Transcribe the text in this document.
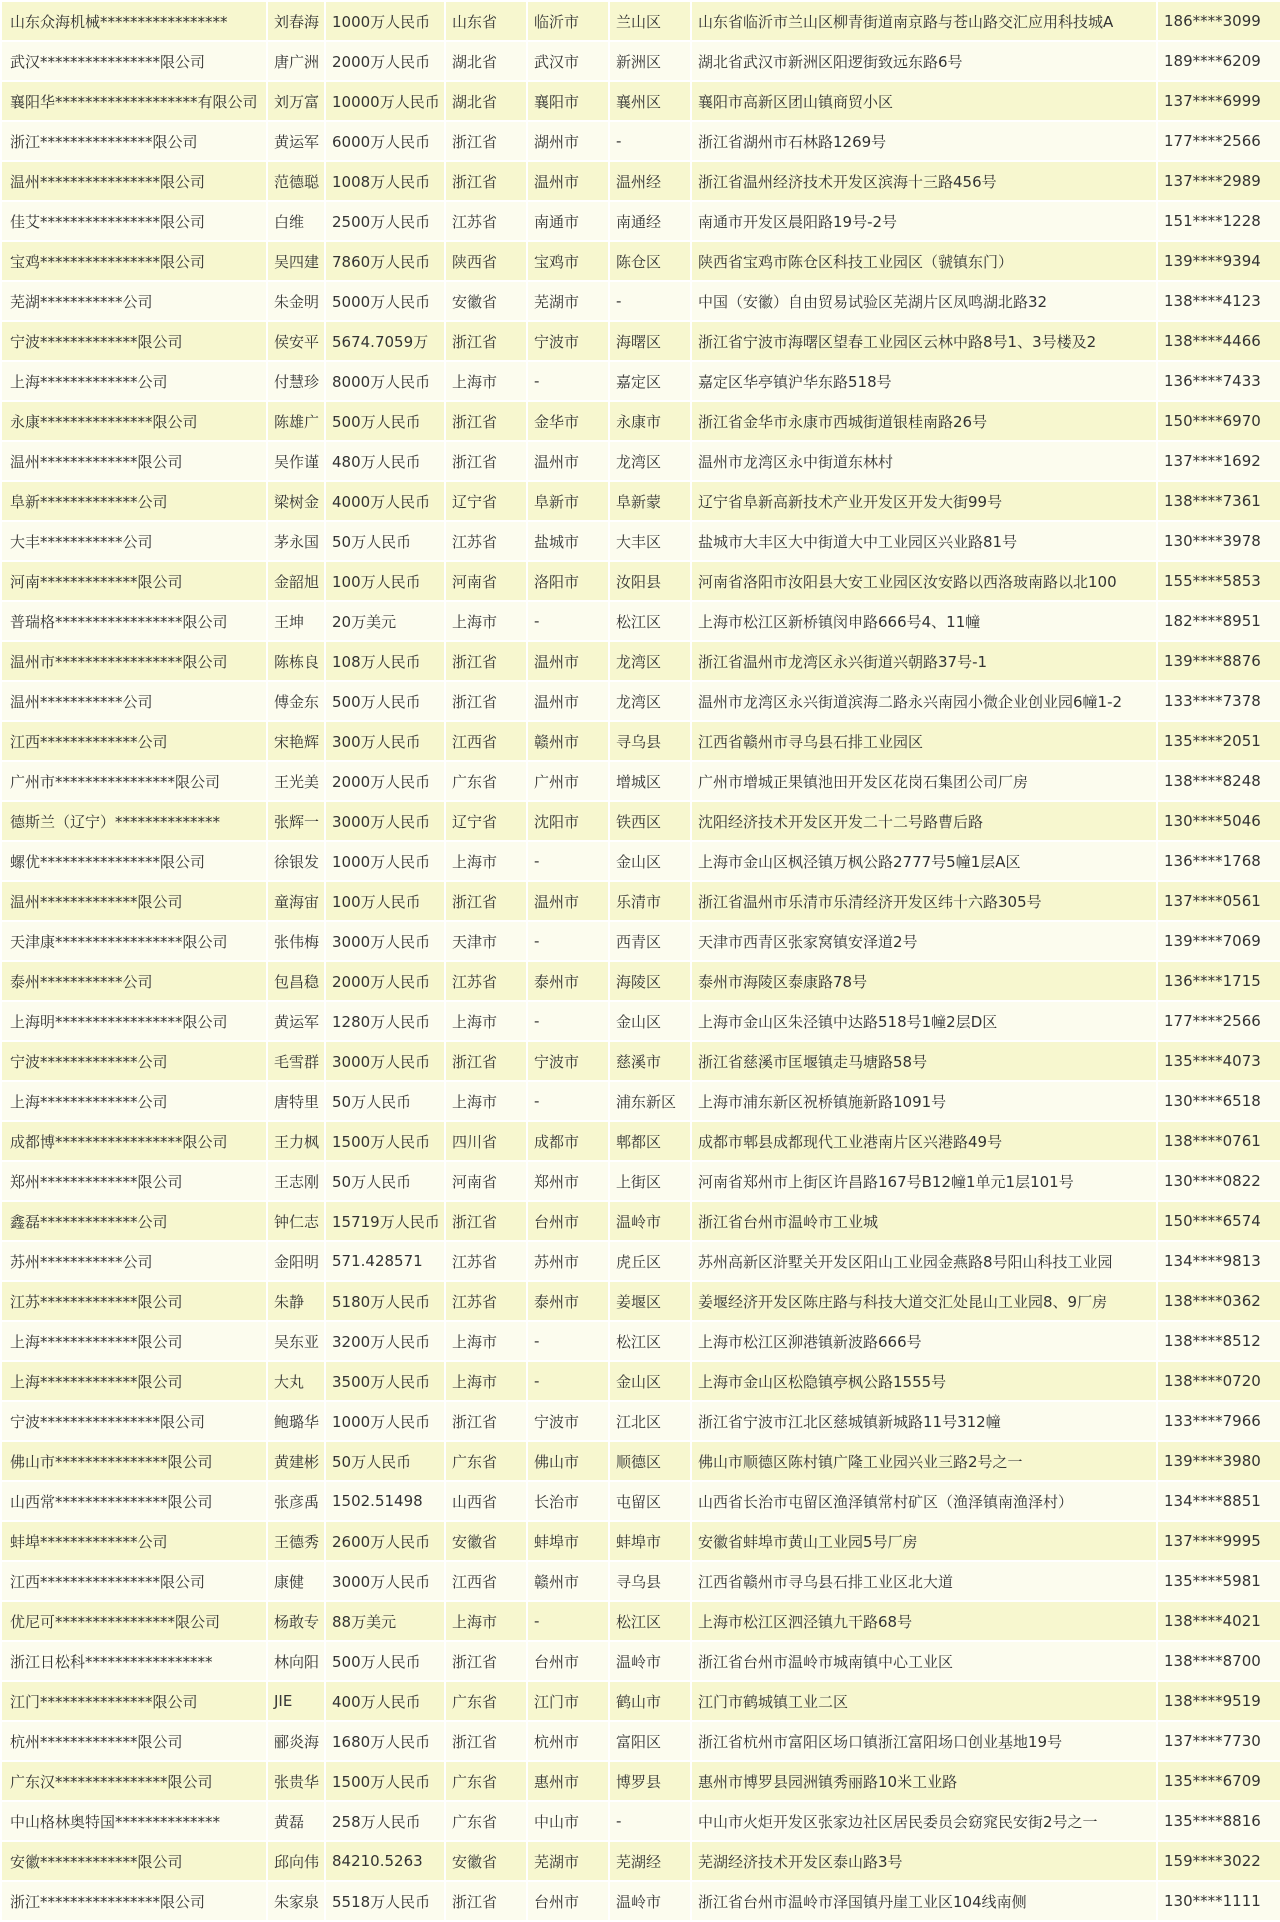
山东众海机械*****************	刘春海	1000万人民币	山东省	临沂市	兰山区	山东省临沂市兰山区柳青街道南京路与苍山路交汇应用科技城A	186****3099
武汉****************限公司	唐广洲	2000万人民币	湖北省	武汉市	新洲区	湖北省武汉市新洲区阳逻街致远东路6号	189****6209
襄阳华*******************有限公司	刘万富	10000万人民币	湖北省	襄阳市	襄州区	襄阳市高新区团山镇商贸小区	137****6999
浙江***************限公司	黄运军	6000万人民币	浙江省	湖州市	-	浙江省湖州市石林路1269号	177****2566
温州****************限公司	范德聪	1008万人民币	浙江省	温州市	温州经	浙江省温州经济技术开发区滨海十三路456号	137****2989
佳艾****************限公司	白维	2500万人民币	江苏省	南通市	南通经	南通市开发区晨阳路19号-2号	151****1228
宝鸡****************限公司	吴四建	7860万人民币	陕西省	宝鸡市	陈仓区	陕西省宝鸡市陈仓区科技工业园区（虢镇东门）	139****9394
芜湖***********公司	朱金明	5000万人民币	安徽省	芜湖市	-	中国（安徽）自由贸易试验区芜湖片区凤鸣湖北路32	138****4123
宁波*************限公司	侯安平	5674.7059万	浙江省	宁波市	海曙区	浙江省宁波市海曙区望春工业园区云林中路8号1、3号楼及2	138****4466
上海*************公司	付慧珍	8000万人民币	上海市	-	嘉定区	嘉定区华亭镇沪华东路518号	136****7433
永康***************限公司	陈雄广	500万人民币	浙江省	金华市	永康市	浙江省金华市永康市西城街道银桂南路26号	150****6970
温州*************限公司	吴作谨	480万人民币	浙江省	温州市	龙湾区	温州市龙湾区永中街道东林村	137****1692
阜新*************公司	梁树金	4000万人民币	辽宁省	阜新市	阜新蒙	辽宁省阜新高新技术产业开发区开发大街99号	138****7361
大丰***********公司	茅永国	50万人民币	江苏省	盐城市	大丰区	盐城市大丰区大中街道大中工业园区兴业路81号	130****3978
河南*************限公司	金韶旭	100万人民币	河南省	洛阳市	汝阳县	河南省洛阳市汝阳县大安工业园区汝安路以西洛玻南路以北100	155****5853
普瑞格*****************限公司	王坤	20万美元	上海市	-	松江区	上海市松江区新桥镇闵申路666号4、11幢	182****8951
温州市*****************限公司	陈栋良	108万人民币	浙江省	温州市	龙湾区	浙江省温州市龙湾区永兴街道兴朝路37号-1	139****8876
温州***********公司	傅金东	500万人民币	浙江省	温州市	龙湾区	温州市龙湾区永兴街道滨海二路永兴南园小微企业创业园6幢1-2	133****7378
江西*************公司	宋艳辉	300万人民币	江西省	赣州市	寻乌县	江西省赣州市寻乌县石排工业园区	135****2051
广州市****************限公司	王光美	2000万人民币	广东省	广州市	增城区	广州市增城正果镇池田开发区花岗石集团公司厂房	138****8248
德斯兰（辽宁）**************	张辉一	3000万人民币	辽宁省	沈阳市	铁西区	沈阳经济技术开发区开发二十二号路曹后路	130****5046
螺优****************限公司	徐银发	1000万人民币	上海市	-	金山区	上海市金山区枫泾镇万枫公路2777号5幢1层A区	136****1768
温州*************限公司	童海宙	100万人民币	浙江省	温州市	乐清市	浙江省温州市乐清市乐清经济开发区纬十六路305号	137****0561
天津康*****************限公司	张伟梅	3000万人民币	天津市	-	西青区	天津市西青区张家窝镇安泽道2号	139****7069
泰州***********公司	包昌稳	2000万人民币	江苏省	泰州市	海陵区	泰州市海陵区泰康路78号	136****1715
上海明*****************限公司	黄运军	1280万人民币	上海市	-	金山区	上海市金山区朱泾镇中达路518号1幢2层D区	177****2566
宁波*************公司	毛雪群	3000万人民币	浙江省	宁波市	慈溪市	浙江省慈溪市匡堰镇走马塘路58号	135****4073
上海*************公司	唐特里	50万人民币	上海市	-	浦东新区	上海市浦东新区祝桥镇施新路1091号	130****6518
成都博*****************限公司	王力枫	1500万人民币	四川省	成都市	郫都区	成都市郫县成都现代工业港南片区兴港路49号	138****0761
郑州*************限公司	王志刚	50万人民币	河南省	郑州市	上街区	河南省郑州市上街区许昌路167号B12幢1单元1层101号	130****0822
鑫磊*************公司	钟仁志	15719万人民币	浙江省	台州市	温岭市	浙江省台州市温岭市工业城	150****6574
苏州***********公司	金阳明	571.428571	江苏省	苏州市	虎丘区	苏州高新区浒墅关开发区阳山工业园金燕路8号阳山科技工业园	134****9813
江苏*************限公司	朱静	5180万人民币	江苏省	泰州市	姜堰区	姜堰经济开发区陈庄路与科技大道交汇处昆山工业园8、9厂房	138****0362
上海*************限公司	吴东亚	3200万人民币	上海市	-	松江区	上海市松江区泖港镇新波路666号	138****8512
上海*************限公司	大丸	3500万人民币	上海市	-	金山区	上海市金山区松隐镇亭枫公路1555号	138****0720
宁波****************限公司	鲍璐华	1000万人民币	浙江省	宁波市	江北区	浙江省宁波市江北区慈城镇新城路11号312幢	133****7966
佛山市***************限公司	黄建彬	50万人民币	广东省	佛山市	顺德区	佛山市顺德区陈村镇广隆工业园兴业三路2号之一	139****3980
山西常***************限公司	张彦禹	1502.51498	山西省	长治市	屯留区	山西省长治市屯留区渔泽镇常村矿区（渔泽镇南渔泽村）	134****8851
蚌埠*************公司	王德秀	2600万人民币	安徽省	蚌埠市	蚌埠市	安徽省蚌埠市黄山工业园5号厂房	137****9995
江西****************限公司	康健	3000万人民币	江西省	赣州市	寻乌县	江西省赣州市寻乌县石排工业区北大道	135****5981
优尼可****************限公司	杨敢专	88万美元	上海市	-	松江区	上海市松江区泗泾镇九干路68号	138****4021
浙江日松科*****************	林向阳	500万人民币	浙江省	台州市	温岭市	浙江省台州市温岭市城南镇中心工业区	138****8700
江门***************限公司	JIE	400万人民币	广东省	江门市	鹤山市	江门市鹤城镇工业二区	138****9519
杭州*************限公司	郦炎海	1680万人民币	浙江省	杭州市	富阳区	浙江省杭州市富阳区场口镇浙江富阳场口创业基地19号	137****7730
广东汉***************限公司	张贵华	1500万人民币	广东省	惠州市	博罗县	惠州市博罗县园洲镇秀丽路10米工业路	135****6709
中山格林奥特国**************	黄磊	258万人民币	广东省	中山市	-	中山市火炬开发区张家边社区居民委员会窈窕民安街2号之一	135****8816
安徽*************限公司	邱向伟	84210.5263	安徽省	芜湖市	芜湖经	芜湖经济技术开发区泰山路3号	159****3022
浙江****************限公司	朱家泉	5518万人民币	浙江省	台州市	温岭市	浙江省台州市温岭市泽国镇丹崖工业区104线南侧	130****1111
